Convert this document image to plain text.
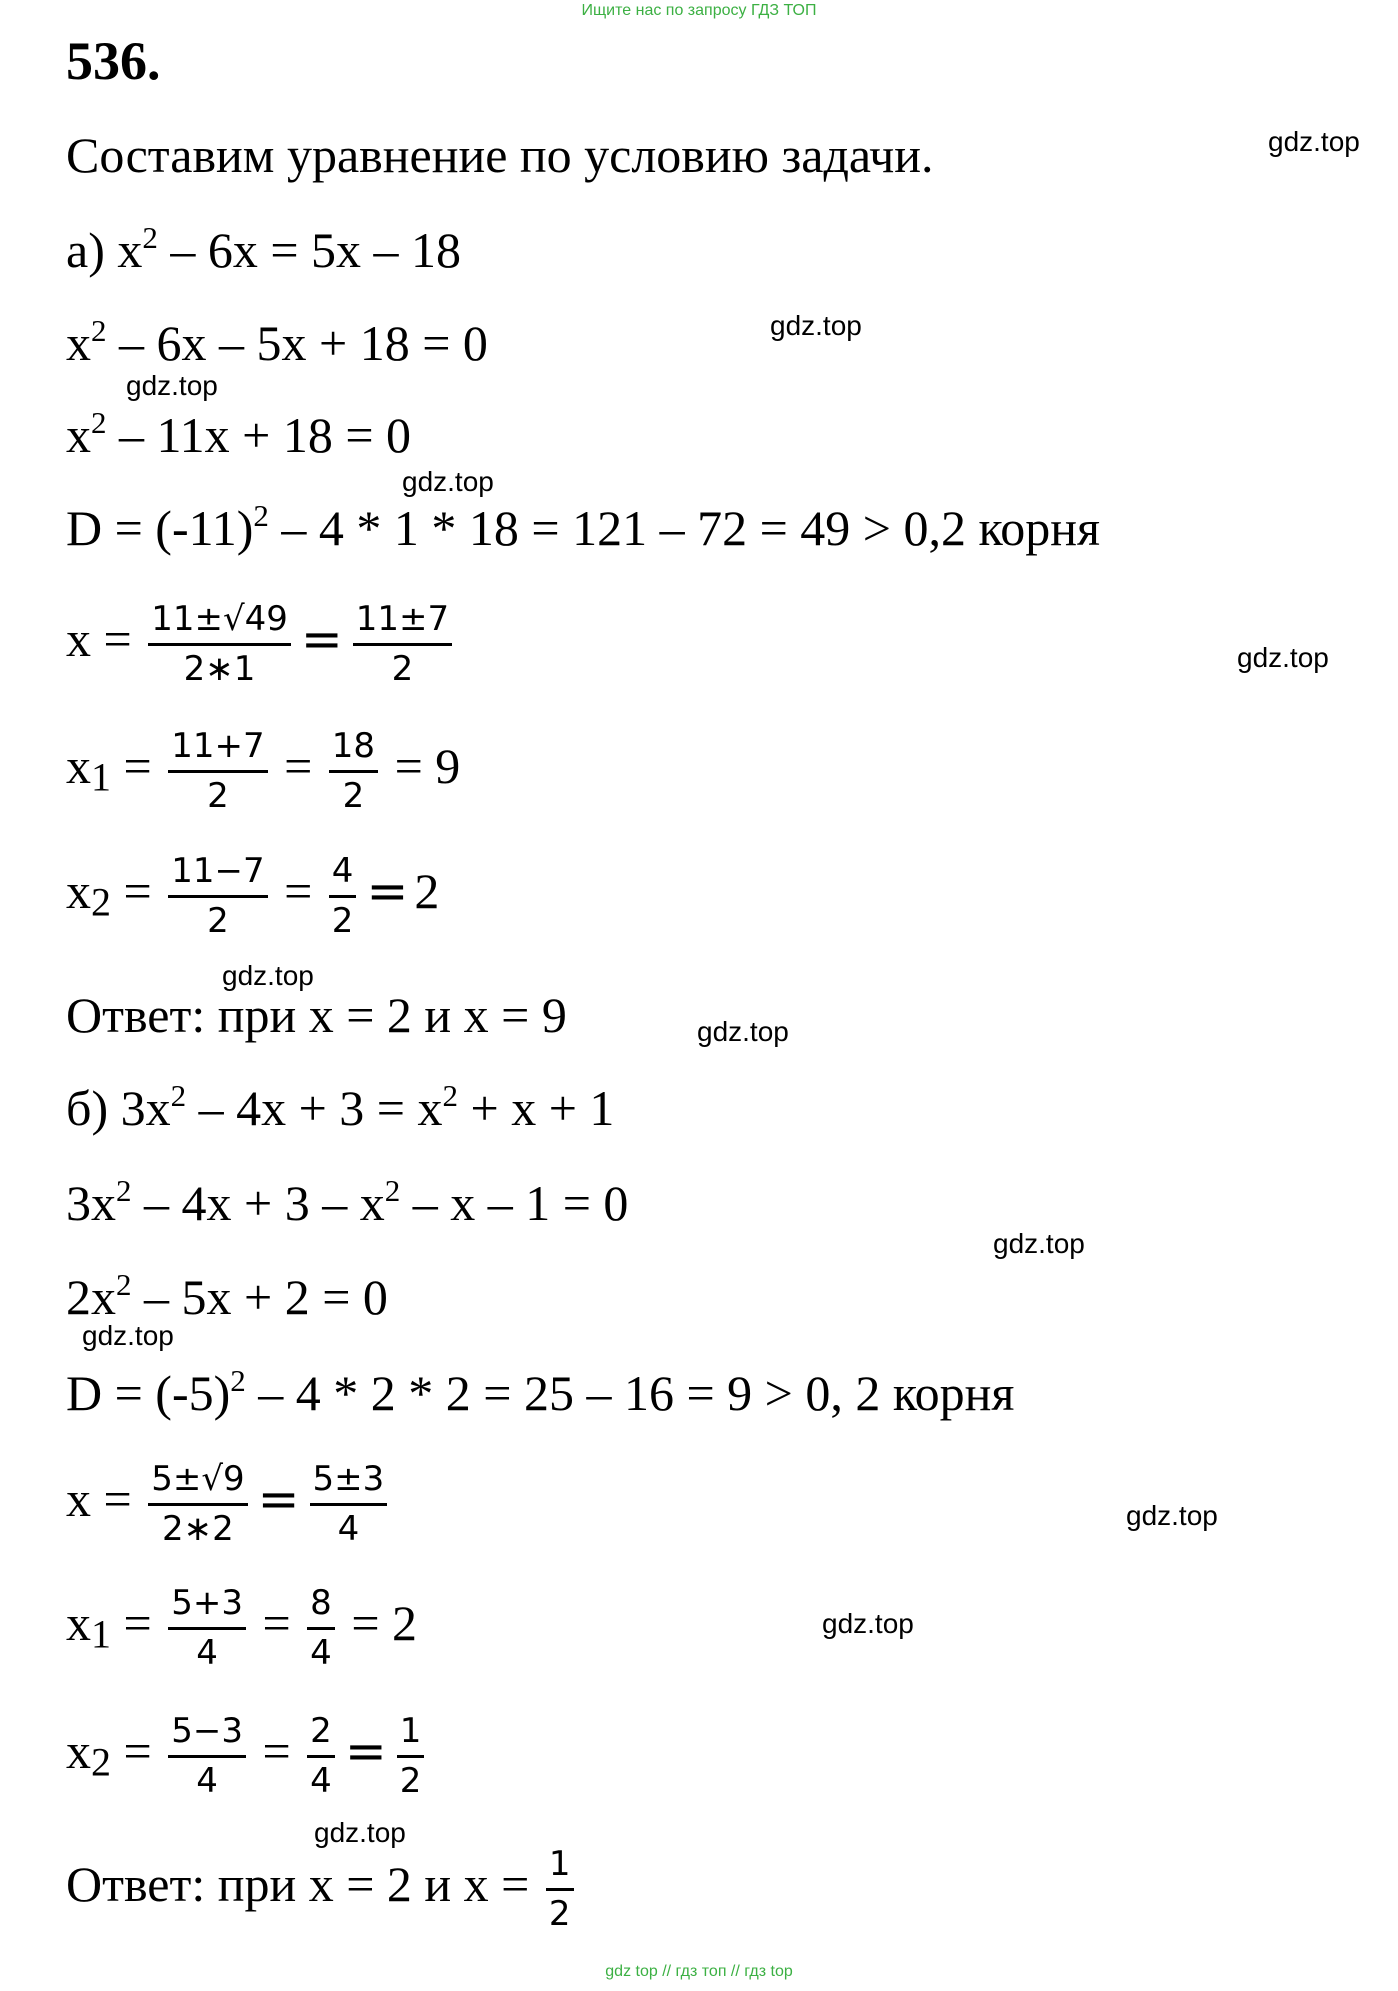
Ищите нас по запросу ГДЗ ТОП
536.
Составим уравнение по условию задачи.
а) $x^2 - 6x = 5x - 18$
$x^2 - 6x - 5x + 18 = 0$
$x^2 - 11x + 18 = 0$
$D = (-11)^2 - 4 * 1 * 18 = 121 - 72 = 49 > 0,2$ корня
$x = \frac{11\pm√49}{2∗1} = \frac{11\pm 7}{2}$
$x_1 = \frac{11+7}{2} = \frac{18}{2} = 9$
$x_2 = \frac{11-7}{2} = \frac{4}{2} = 2$
Ответ: при x = 2 и x = 9
б) $3x^2 - 4x + 3 = x^2 + x + 1$
$3x^2 - 4x + 3 - x^2 - x - 1 = 0$
$2x^2 - 5x + 2 = 0$
$D = (-5)^2 - 4 * 2 * 2 = 25 - 16 = 9 > 0$, 2 корня
$x = \frac{5\pm√9}{2∗2} = \frac{5\pm 3}{4}$
$x_1 = \frac{5+3}{4} = \frac{8}{4} = 2$
$x_2 = \frac{5-3}{4} = \frac{2}{4} = \frac{1}{2}$
Ответ: при x = 2 и $x = \frac{1}{2}$
gdz.top
gdz.top
gdz.top
gdz.top
gdz.top
gdz.top
gdz.top
gdz.top
gdz.top
gdz.top
gdz.top
gdz.top
gdz top // гдз топ // гдз top
